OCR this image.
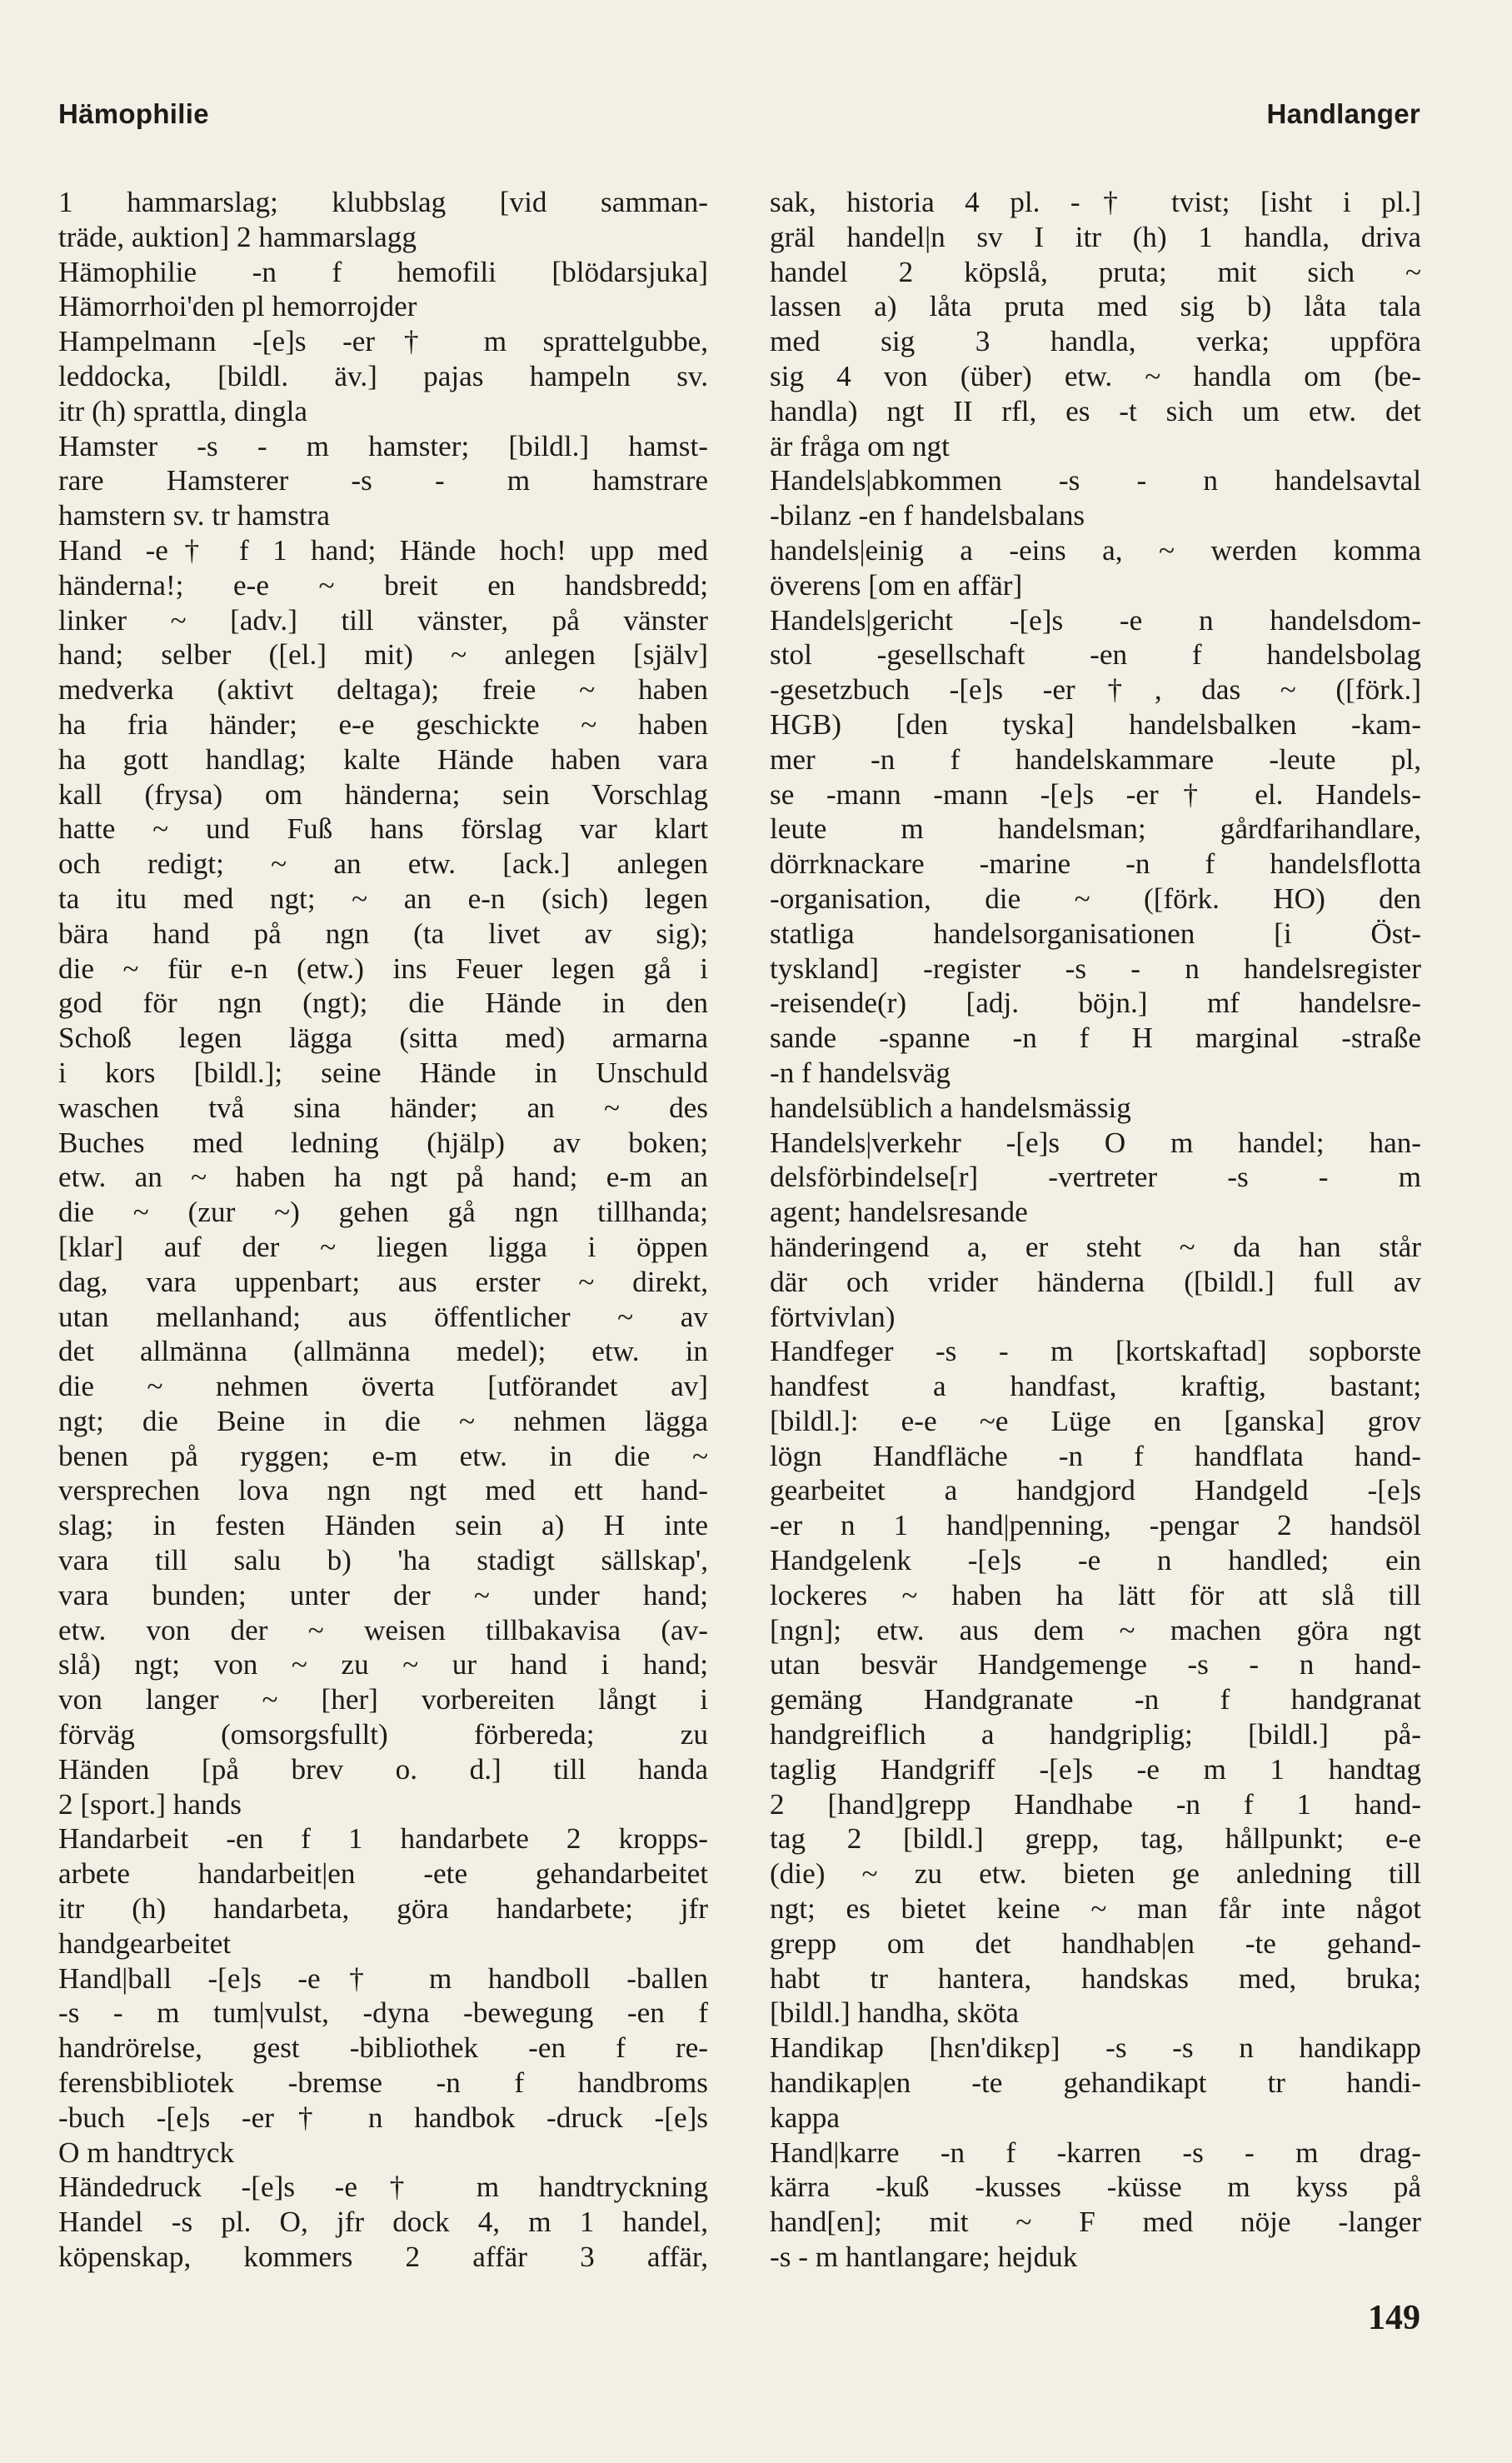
Hämophilie	Handlanger
1 hammarslag; klubbslag [vid samman-
träde, auktion] 2 hammarslagg
Hämophilie -n f hemofili [blödarsjuka]
Hämorrhoi'den pl hemorrojder
Hampelmann -[e]s -er† m sprattelgubbe,
leddocka, [bildl. äv.] pajas hampeln sv.
itr (h) sprattla, dingla
Hamster -s - m hamster; [bildl.] hamst-
rare Hamsterer -s - m hamstrare
hamstern sv. tr hamstra
Hand -e† f 1 hand; Hände hoch! upp med
händerna!; e-e ~ breit en handsbredd;
linker ~ [adv.] till vänster, på vänster
hand; selber ([el.] mit) ~ anlegen [själv]
medverka (aktivt deltaga); freie ~ haben
ha fria händer; e-e geschickte ~ haben
ha gott handlag; kalte Hände haben vara
kall (frysa) om händerna; sein Vorschlag
hatte ~ und Fuß hans förslag var klart
och redigt; ~ an etw. [ack.] anlegen
ta itu med ngt; ~ an e-n (sich) legen
bära hand på ngn (ta livet av sig);
die ~ für e-n (etw.) ins Feuer legen gå i
god för ngn (ngt); die Hände in den
Schoß legen lägga (sitta med) armarna
i kors [bildl.]; seine Hände in Unschuld
waschen två sina händer; an ~ des
Buches med ledning (hjälp) av boken;
etw. an ~ haben ha ngt på hand; e-m an
die ~ (zur ~) gehen gå ngn tillhanda;
[klar] auf der ~ liegen ligga i öppen
dag, vara uppenbart; aus erster ~ direkt,
utan mellanhand; aus öffentlicher ~ av
det allmänna (allmänna medel); etw. in
die ~ nehmen överta [utförandet av]
ngt; die Beine in die ~ nehmen lägga
benen på ryggen; e-m etw. in die ~
versprechen lova ngn ngt med ett hand-
slag; in festen Händen sein a) H inte
vara till salu b) 'ha stadigt sällskap',
vara bunden; unter der ~ under hand;
etw. von der ~ weisen tillbakavisa (av-
slå) ngt; von ~ zu ~ ur hand i hand;
von langer ~ [her] vorbereiten långt i
förväg (omsorgsfullt) förbereda; zu
Händen [på brev o. d.] till handa
2 [sport.] hands
Handarbeit -en f 1 handarbete 2 kropps-
arbete handarbeit|en -ete gehandarbeitet
itr (h) handarbeta, göra handarbete; jfr
handgearbeitet
Hand|ball -[e]s -e† m handboll -ballen
-s - m tum|vulst, -dyna -bewegung -en f
handrörelse, gest -bibliothek -en f re-
ferensbibliotek -bremse -n f handbroms
-buch -[e]s -er† n handbok -druck -[e]s
O m handtryck
Händedruck -[e]s -e† m handtryckning
Handel -s pl. O, jfr dock 4, m 1 handel,
köpenskap, kommers 2 affär 3 affär,
sak, historia 4 pl. -† tvist; [isht i pl.]
gräl handel|n sv I itr (h) 1 handla, driva
handel 2 köpslå, pruta; mit sich ~
lassen a) låta pruta med sig b) låta tala
med sig 3 handla, verka; uppföra
sig 4 von (über) etw. ~ handla om (be-
handla) ngt II rfl, es -t sich um etw. det
är fråga om ngt
Handels|abkommen -s - n handelsavtal
-bilanz -en f handelsbalans
handels|einig a -eins a, ~ werden komma
överens [om en affär]
Handels|gericht -[e]s -e n handelsdom-
stol -gesellschaft -en f handelsbolag
-gesetzbuch -[e]s -er†, das ~ ([förk.]
HGB) [den tyska] handelsbalken -kam-
mer -n f handelskammare -leute pl,
se -mann -mann -[e]s -er† el. Handels-
leute m handelsman; gårdfarihandlare,
dörrknackare -marine -n f handelsflotta
-organisation, die ~ ([förk. HO) den
statliga handelsorganisationen [i Öst-
tyskland] -register -s - n handelsregister
-reisende(r) [adj. böjn.] mf handelsre-
sande -spanne -n f H marginal -straße
-n f handelsväg
handelsüblich a handelsmässig
Handels|verkehr -[e]s O m handel; han-
delsförbindelse[r] -vertreter -s - m
agent; handelsresande
händeringend a, er steht ~ da han står
där och vrider händerna ([bildl.] full av
förtvivlan)
Handfeger -s - m [kortskaftad] sopborste
handfest a handfast, kraftig, bastant;
[bildl.]: e-e ~e Lüge en [ganska] grov
lögn Handfläche -n f handflata hand-
gearbeitet a handgjord Handgeld -[e]s
-er n 1 hand|penning, -pengar 2 handsöl
Handgelenk -[e]s -e n handled; ein
lockeres ~ haben ha lätt för att slå till
[ngn]; etw. aus dem ~ machen göra ngt
utan besvär Handgemenge -s - n hand-
gemäng Handgranate -n f handgranat
handgreiflich a handgriplig; [bildl.] på-
taglig Handgriff -[e]s -e m 1 handtag
2 [hand]grepp Handhabe -n f 1 hand-
tag 2 [bildl.] grepp, tag, hållpunkt; e-e
(die) ~ zu etw. bieten ge anledning till
ngt; es bietet keine ~ man får inte något
grepp om det handhab|en -te gehand-
habt tr hantera, handskas med, bruka;
[bildl.] handha, sköta
Handikap [hɛn'dikɛp] -s -s n handikapp
handikap|en -te gehandikapt tr handi-
kappa
Hand|karre -n f -karren -s - m drag-
kärra -kuß -kusses -küsse m kyss på
hand[en]; mit ~ F med nöje -langer
-s - m hantlangare; hejduk
149
